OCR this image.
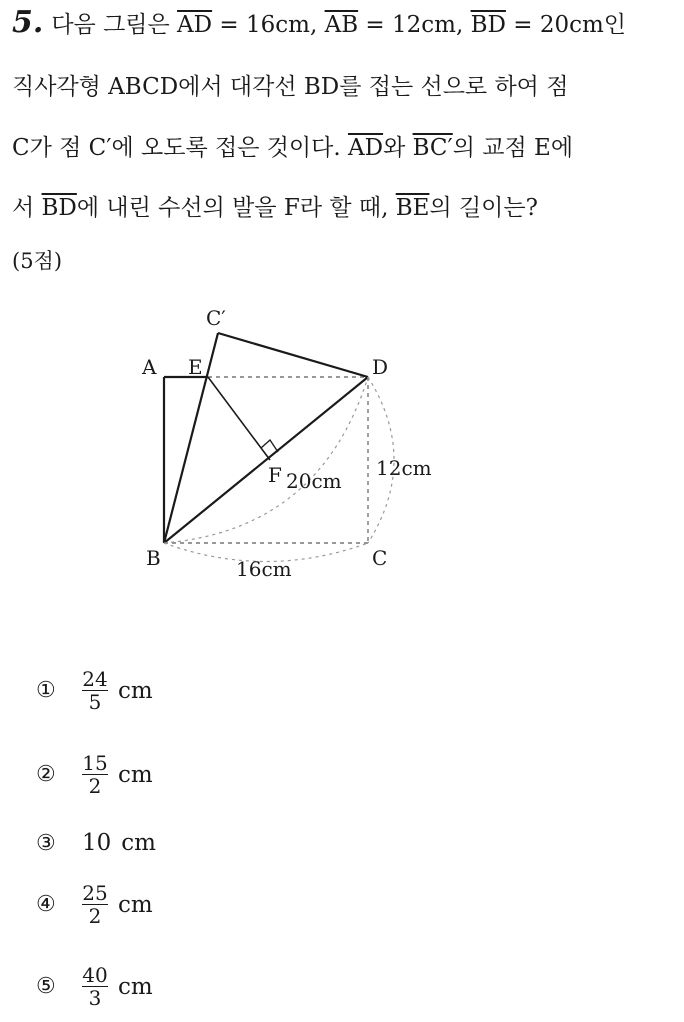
5. 다음 그림은 $\overline{AD} = 16cm$, $\overline{AB} = 12cm$, $\overline{BD} = 20cm$인
직사각형 ABCD에서 대각선 BD를 접는 선으로 하여 점
C가 점 C′에 오도록 접은 것이다. $\overline{AD}$와 BC′의 교점 E에
서 $\overline{BD}$에 내린 수선의 발을 F라 할 때, $\overline{BE}$의 길이는?
(5점)
A E
C′
D
B	C
F 20cm
12cm
16cm
①	$\frac{24}{5}$ cm
②	$\frac{15}{2}$ cm
③	10 cm
④	$\frac{25}{2}$ cm
⑤	$\frac{40}{3}$ cm
